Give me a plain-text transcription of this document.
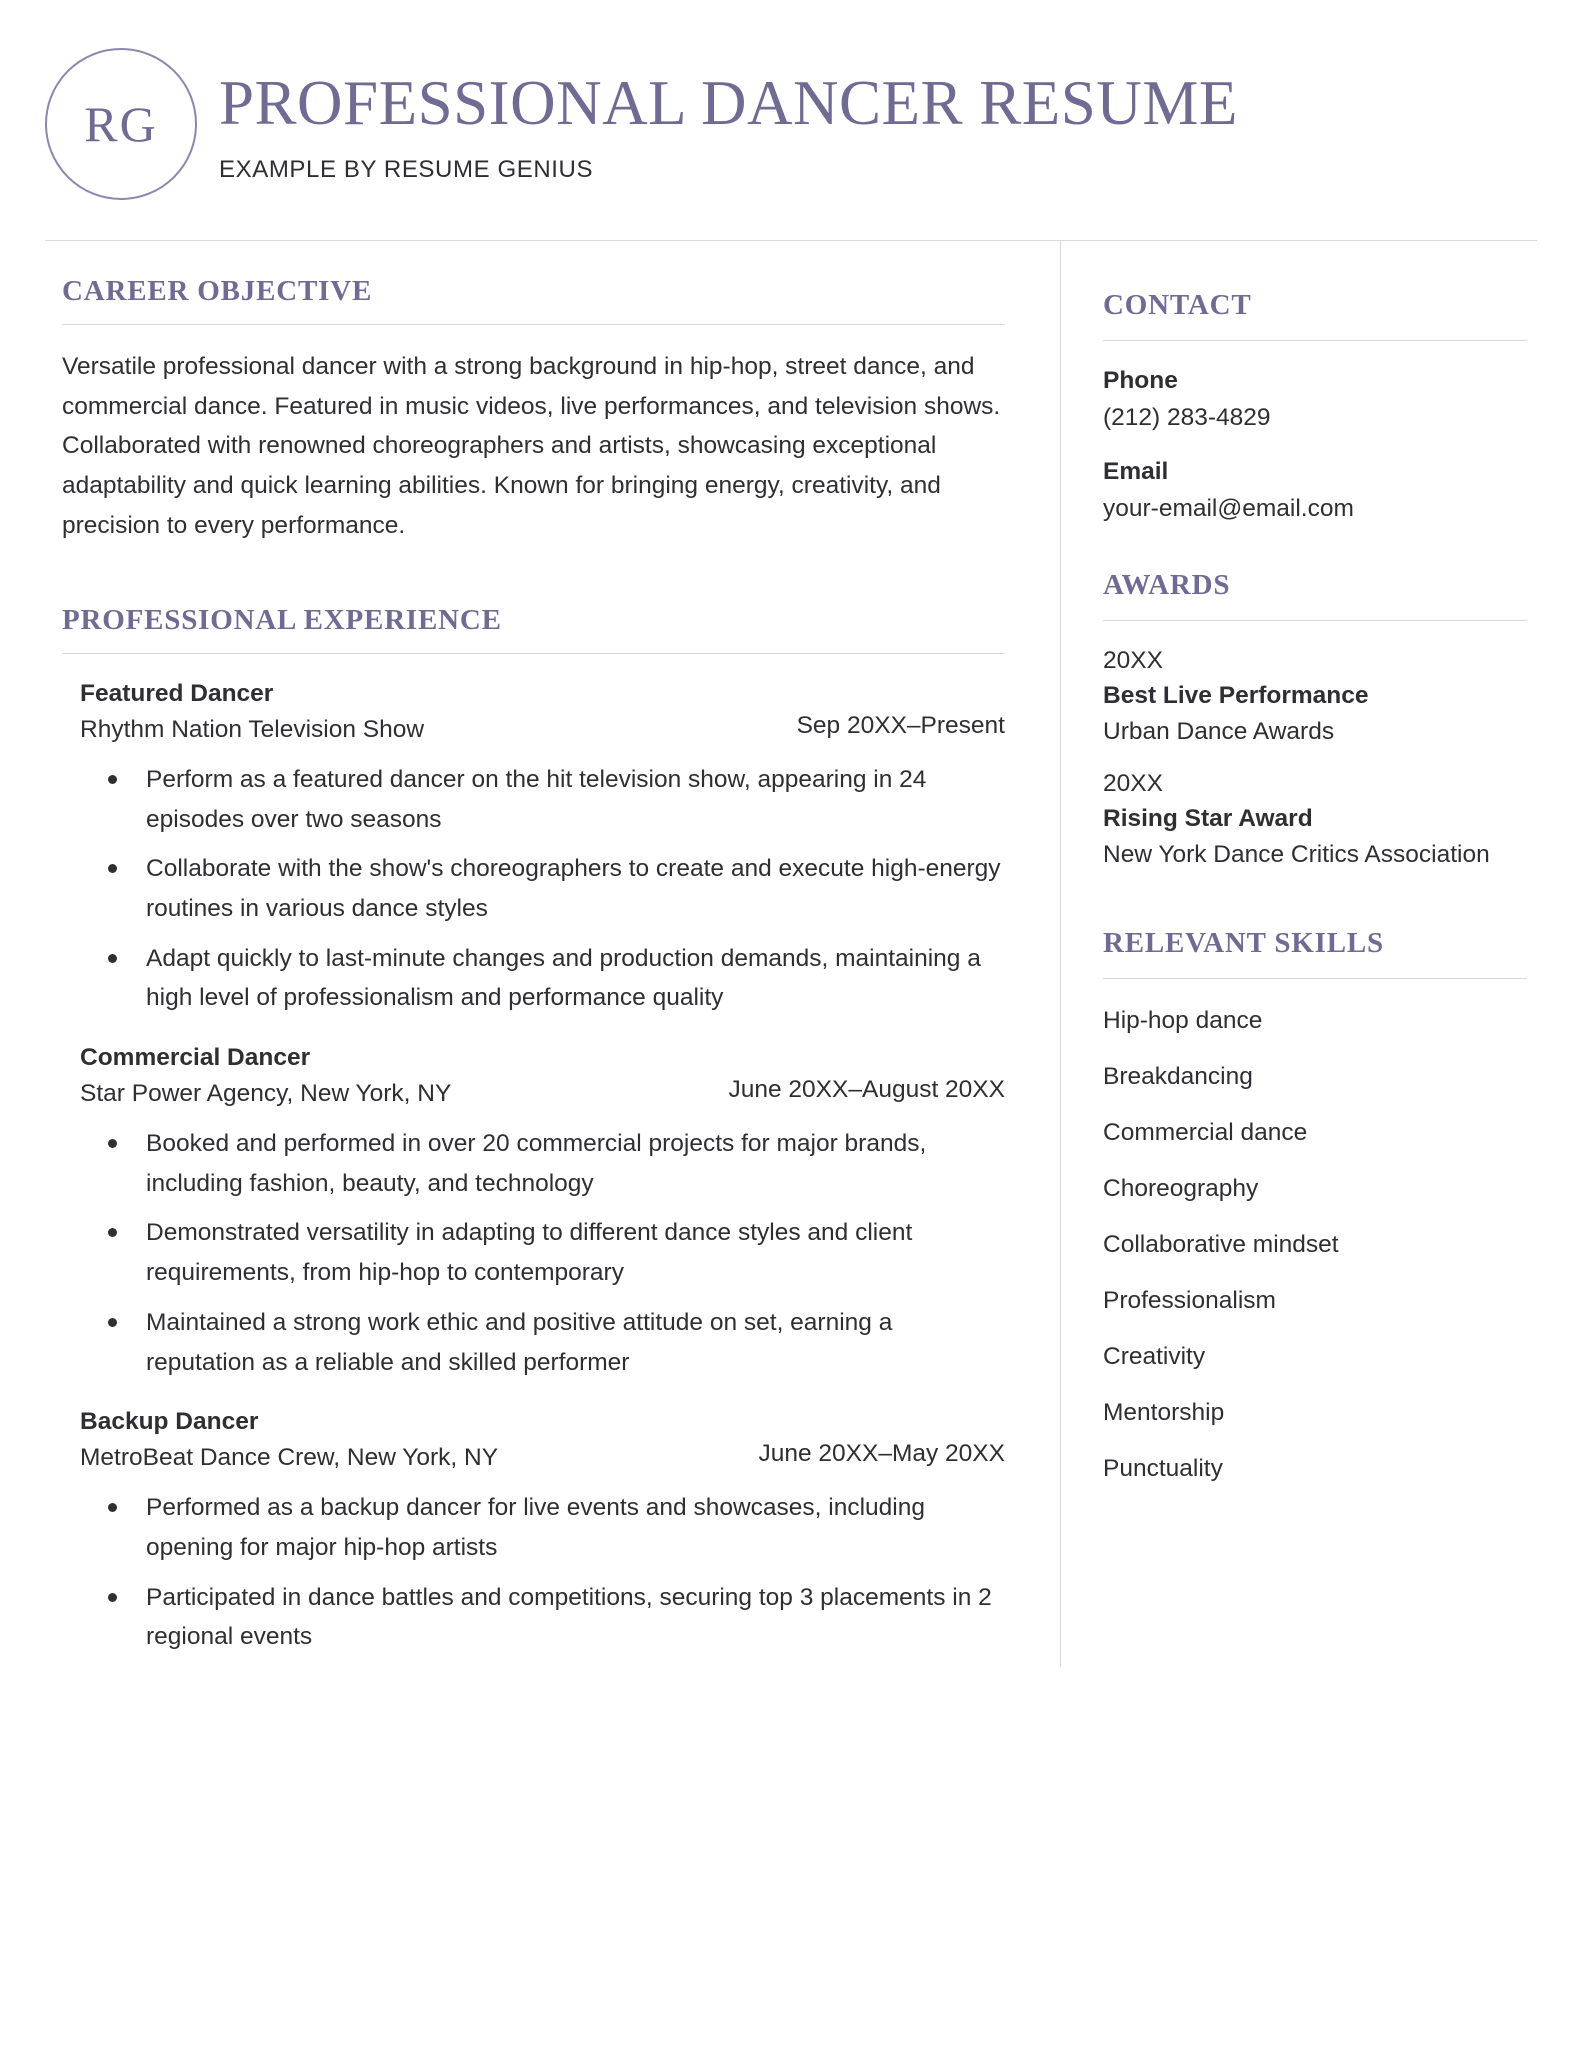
RG PROFESSIONAL DANCER RESUME
EXAMPLE BY RESUME GENIUS
CAREER OBJECTIVE

Versatile professional dancer with a strong background in hip-hop, street dance, and commercial dance. Featured in music videos, live performances, and television shows. Collaborated with renowned choreographers and artists, showcasing exceptional adaptability and quick learning abilities. Known for bringing energy, creativity, and precision to every performance.

PROFESSIONAL EXPERIENCE
Featured Dancer
Rhythm Nation Television Show	Sep 20XX–Present
Perform as a featured dancer on the hit television show, appearing in 24 episodes over two seasons
Collaborate with the show's choreographers to create and execute high-energy routines in various dance styles
Adapt quickly to last-minute changes and production demands, maintaining a high level of professionalism and performance quality
Commercial Dancer
Star Power Agency, New York, NY	June 20XX–August 20XX
Booked and performed in over 20 commercial projects for major brands, including fashion, beauty, and technology
Demonstrated versatility in adapting to different dance styles and client requirements, from hip-hop to contemporary
Maintained a strong work ethic and positive attitude on set, earning a reputation as a reliable and skilled performer
Backup Dancer
MetroBeat Dance Crew, New York, NY	June 20XX–May 20XX
Performed as a backup dancer for live events and showcases, including opening for major hip-hop artists
Participated in dance battles and competitions, securing top 3 placements in 2 regional events
CONTACT
Phone
(212) 283-4829
Email
your-email@email.com
AWARDS
20XX
Best Live Performance
Urban Dance Awards
20XX
Rising Star Award
New York Dance Critics Association
RELEVANT SKILLS
Hip-hop dance
Breakdancing
Commercial dance
Choreography
Collaborative mindset
Professionalism
Creativity
Mentorship
Punctuality
